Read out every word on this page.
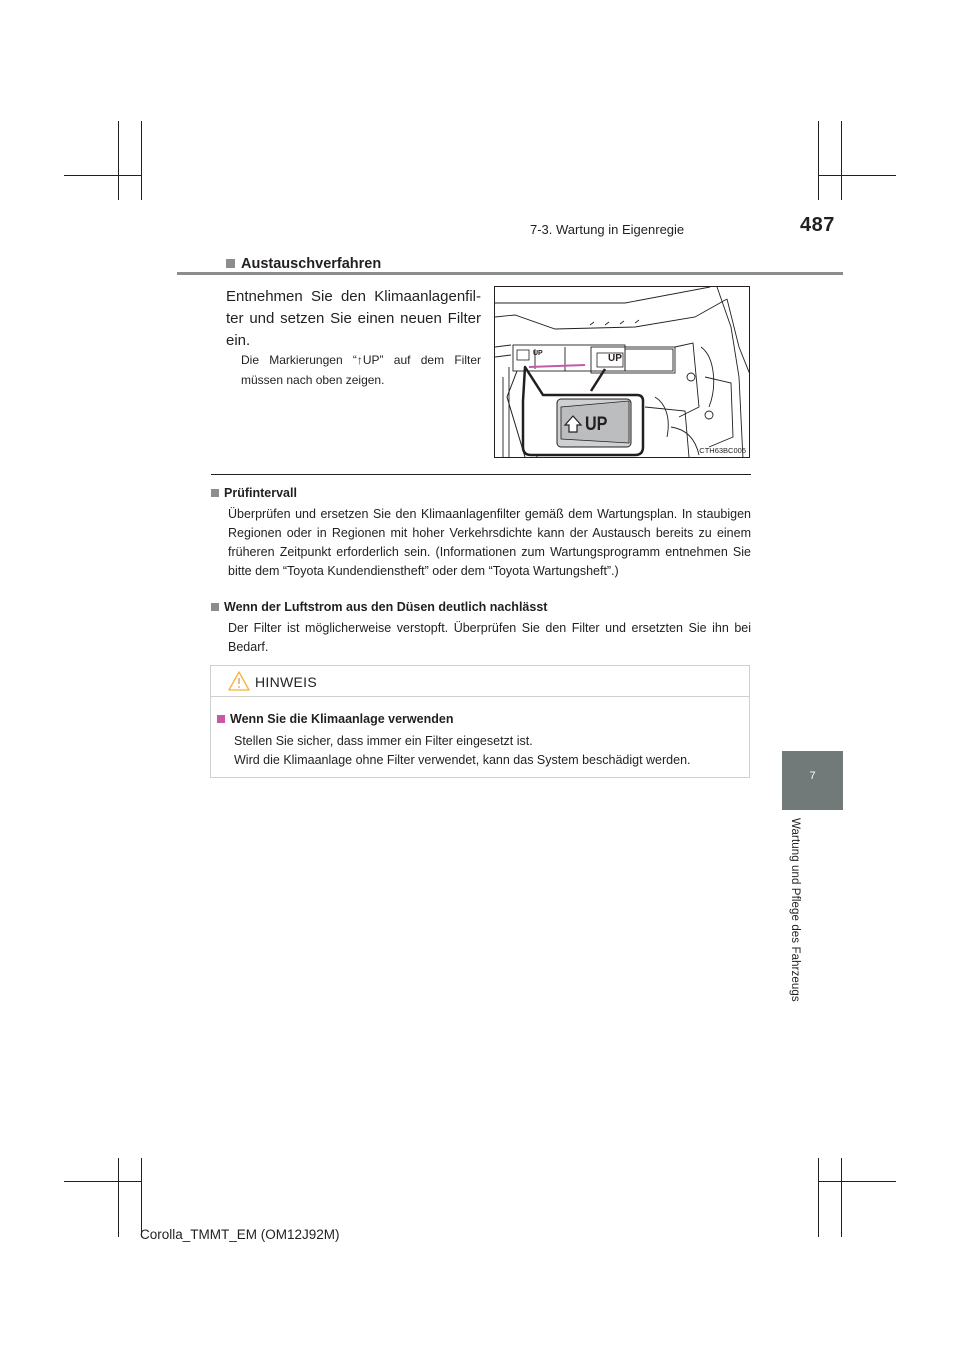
7-3. Wartung in Eigenregie	487
7
Wartung und Pflege des Fahrzeugs
Austauschverfahren
Entnehmen Sie den Klimaanlagenfilter und setzen Sie einen neuen Filter ein.
Die Markierungen “↑UP” auf dem Filter müssen nach oben zeigen.
UP	UP
UP
CTH63BC005
Prüfintervall
Überprüfen und ersetzen Sie den Klimaanlagenfilter gemäß dem Wartungsplan. In staubigen Regionen oder in Regionen mit hoher Verkehrsdichte kann der Austausch bereits zu einem früheren Zeitpunkt erforderlich sein. (Informationen zum Wartungsprogramm entnehmen Sie bitte dem “Toyota Kundendienstheft” oder dem “Toyota Wartungsheft”.)
Wenn der Luftstrom aus den Düsen deutlich nachlässt
Der Filter ist möglicherweise verstopft. Überprüfen Sie den Filter und ersetzten Sie ihn bei Bedarf.
HINWEIS
Wenn Sie die Klimaanlage verwenden
Stellen Sie sicher, dass immer ein Filter eingesetzt ist.
Wird die Klimaanlage ohne Filter verwendet, kann das System beschädigt werden.
Corolla_TMMT_EM (OM12J92M)
